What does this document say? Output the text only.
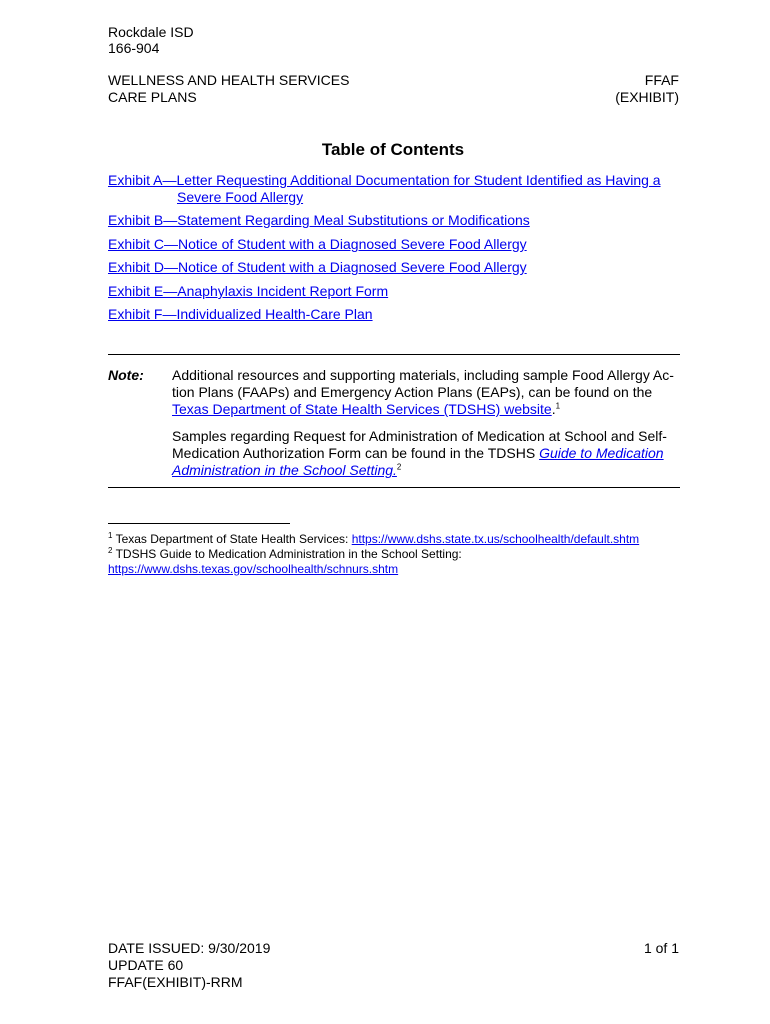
Rockdale ISD
166-904
WELLNESS AND HEALTH SERVICES
CARE PLANS
FFAF
(EXHIBIT)
Table of Contents
Exhibit A—Letter Requesting Additional Documentation for Student Identified as Having a
Severe Food Allergy
Exhibit B—Statement Regarding Meal Substitutions or Modifications
Exhibit C—Notice of Student with a Diagnosed Severe Food Allergy
Exhibit D—Notice of Student with a Diagnosed Severe Food Allergy
Exhibit E—Anaphylaxis Incident Report Form
Exhibit F—Individualized Health-Care Plan
Note: Additional resources and supporting materials, including sample Food Allergy Ac-
tion Plans (FAAPs) and Emergency Action Plans (EAPs), can be found on the
Texas Department of State Health Services (TDSHS) website.$^1$
Samples regarding Request for Administration of Medication at School and Self-
Medication Authorization Form can be found in the TDSHS Guide to Medication
Administration in the School Setting.$^2$
$^1$ Texas Department of State Health Services: https://www.dshs.state.tx.us/schoolhealth/default.shtm
$^2$ TDSHS Guide to Medication Administration in the School Setting:
https://www.dshs.texas.gov/schoolhealth/schnurs.shtm
DATE ISSUED: 9/30/2019
UPDATE 60
FFAF(EXHIBIT)-RRM
1 of 1
